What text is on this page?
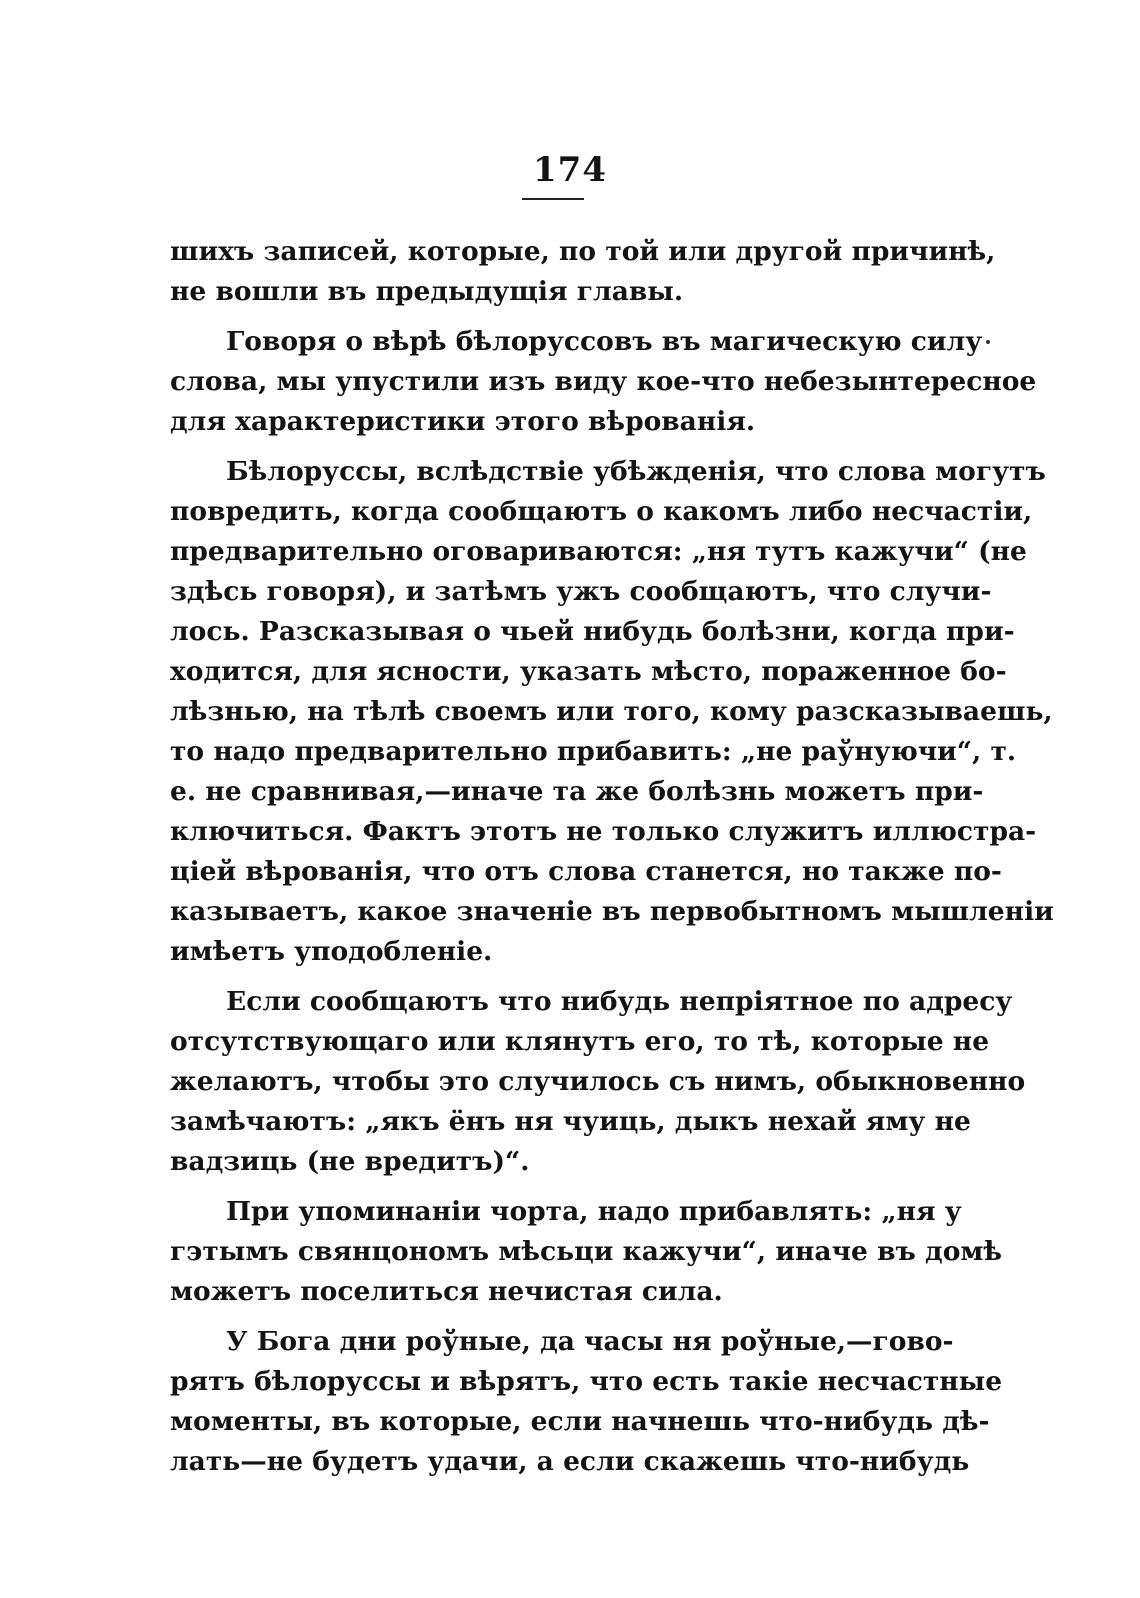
174
шихъ записей, которые, по той или другой причинѣ,
не вошли въ предыдущія главы.
Говоря о вѣрѣ бѣлоруссовъ въ магическую силу
слова, мы упустили изъ виду кое-что небезынтересное
для характеристики этого вѣрованія.
Бѣлоруссы, вслѣдствіе убѣжденія, что слова могутъ
повредить, когда сообщаютъ о какомъ либо несчастіи,
предварительно оговариваются: „ня тутъ кажучи“ (не
здѣсь говоря), и затѣмъ ужъ сообщаютъ, что случи-
лось. Разсказывая о чьей нибудь болѣзни, когда при-
ходится, для ясности, указать мѣсто, пораженное бо-
лѣзнью, на тѣлѣ своемъ или того, кому разсказываешь,
то надо предварительно прибавить: „не раўнуючи“, т.
е. не сравнивая,—иначе та же болѣзнь можетъ при-
ключиться. Фактъ этотъ не только служитъ иллюстра-
ціей вѣрованія, что отъ слова станется, но также по-
казываетъ, какое значеніе въ первобытномъ мышленіи
имѣетъ уподобленіе.
Если сообщаютъ что нибудь непріятное по адресу
отсутствующаго или клянутъ его, то тѣ, которые не
желаютъ, чтобы это случилось съ нимъ, обыкновенно
замѣчаютъ: „якъ ёнъ ня чуиць, дыкъ нехай яму не
вадзиць (не вредитъ)“.
При упоминаніи чорта, надо прибавлять: „ня у
гэтымъ свянцономъ мѣсьци кажучи“, иначе въ домѣ
можетъ поселиться нечистая сила.
У Бога дни роўные, да часы ня роўные,—гово-
рятъ бѣлоруссы и вѣрятъ, что есть такіе несчастные
моменты, въ которые, если начнешь что-нибудь дѣ-
лать—не будетъ удачи, а если скажешь что-нибудь
